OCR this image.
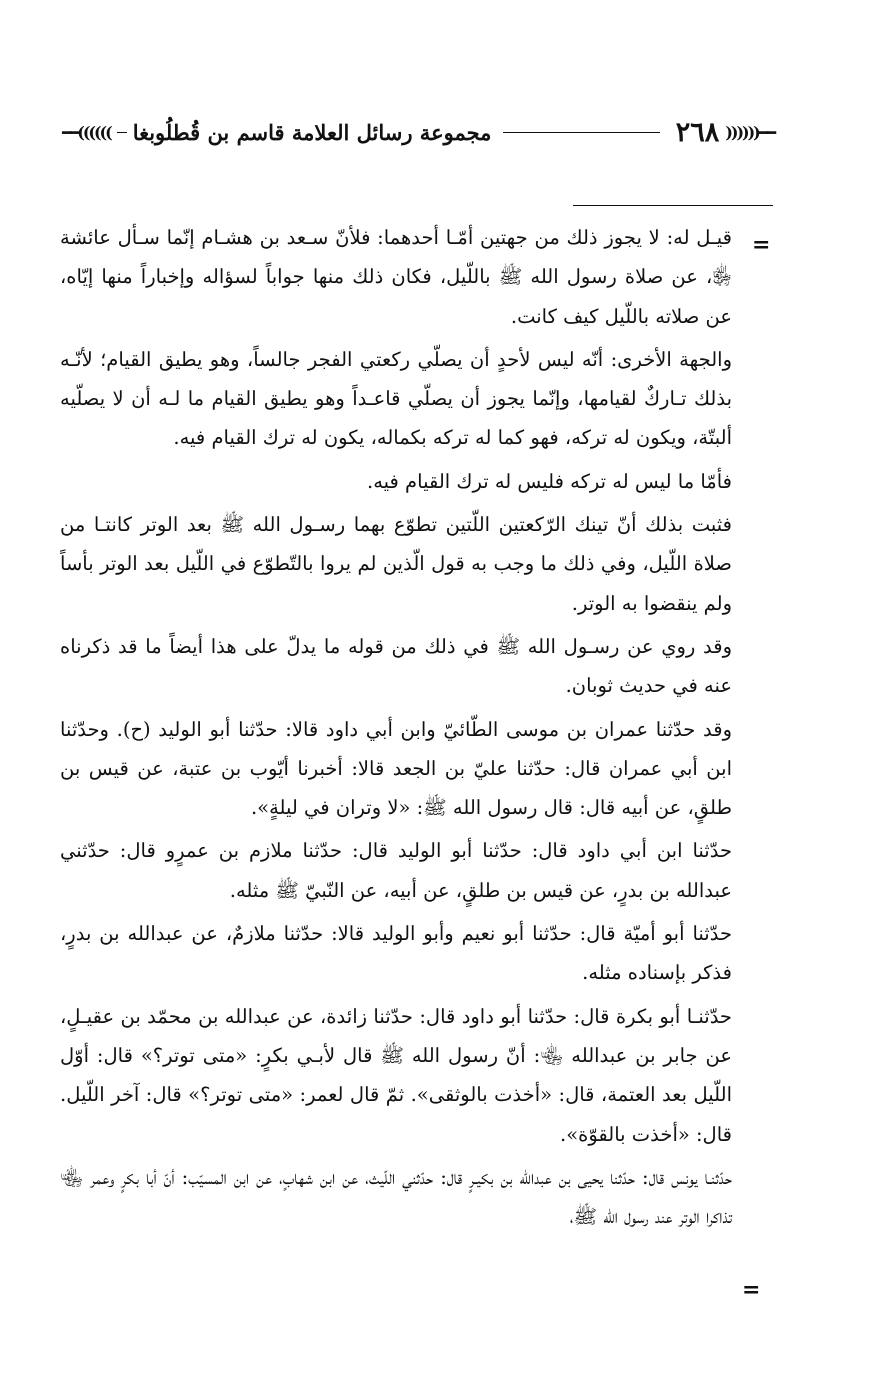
━━((((((
٢٦٨
مجموعة رسائل العلامة قاسم بن قُطلُوبغا
))))))━━
=

قيـل له: لا يجوز ذلك من جهتين أمّـا أحدهما: فلأنّ سـعد بن هشـام إنّما سـأل عائشة ﵂، عن صلاة رسول الله ﷺ باللّيل، فكان ذلك منها جواباً لسؤاله وإخباراً منها إيّاه، عن صلاته باللّيل كيف كانت.

والجهة الأخرى: أنّه ليس لأحدٍ أن يصلّي ركعتي الفجر جالساً، وهو يطيق القيام؛ لأنّـه بذلك تـاركٌ لقيامها، وإنّما يجوز أن يصلّي قاعـداً وهو يطيق القيام ما لـه أن لا يصلّيه ألبتّة، ويكون له تركه، فهو كما له تركه بكماله، يكون له ترك القيام فيه.

فأمّا ما ليس له تركه فليس له ترك القيام فيه.

فثبت بذلك أنّ تينك الرّكعتين اللّتين تطوّع بهما رسـول الله ﷺ بعد الوتر كانتـا من صلاة اللّيل، وفي ذلك ما وجب به قول الّذين لم يروا بالتّطوّع في اللّيل بعد الوتر بأساً ولم ينقضوا به الوتر.

وقد روي عن رسـول الله ﷺ في ذلك من قوله ما يدلّ على هذا أيضاً ما قد ذكرناه عنه في حديث ثوبان.

وقد حدّثنا عمران بن موسى الطّائيّ وابن أبي داود قالا: حدّثنا أبو الوليد (ح). وحدّثنا ابن أبي عمران قال: حدّثنا عليّ بن الجعد قالا: أخبرنا أيّوب بن عتبة، عن قيس بن طلقٍ، عن أبيه قال: قال رسول الله ﷺ: «لا وتران في ليلةٍ».

حدّثنا ابن أبي داود قال: حدّثنا أبو الوليد قال: حدّثنا ملازم بن عمرٍو قال: حدّثني عبدالله بن بدرٍ، عن قيس بن طلقٍ، عن أبيه، عن النّبيّ ﷺ مثله.

حدّثنا أبو أميّة قال: حدّثنا أبو نعيم وأبو الوليد قالا: حدّثنا ملازمٌ، عن عبدالله بن بدرٍ، فذكر بإسناده مثله.

حدّثنـا أبو بكرة قال: حدّثنا أبو داود قال: حدّثنا زائدة، عن عبدالله بن محمّد بن عقيـلٍ، عن جابر بن عبدالله ﵄: أنّ رسول الله ﷺ قال لأبـي بكرٍ: «متى توتر؟» قال: أوّل اللّيل بعد العتمة، قال: «أخذت بالوثقى». ثمّ قال لعمر: «متى توتر؟» قال: آخر اللّيل. قال: «أخذت بالقوّة».

حدّثنـا يونس قال: حدّثنا يحيى بن عبدالله بن بكيـرٍ قال: حدّثني اللّيث، عن ابن شهابٍ، عن ابن المسيّب: أنّ أبا بكرٍ وعمر ﵄ تذاكرا الوتر عند رسول الله ﷺ،

=
